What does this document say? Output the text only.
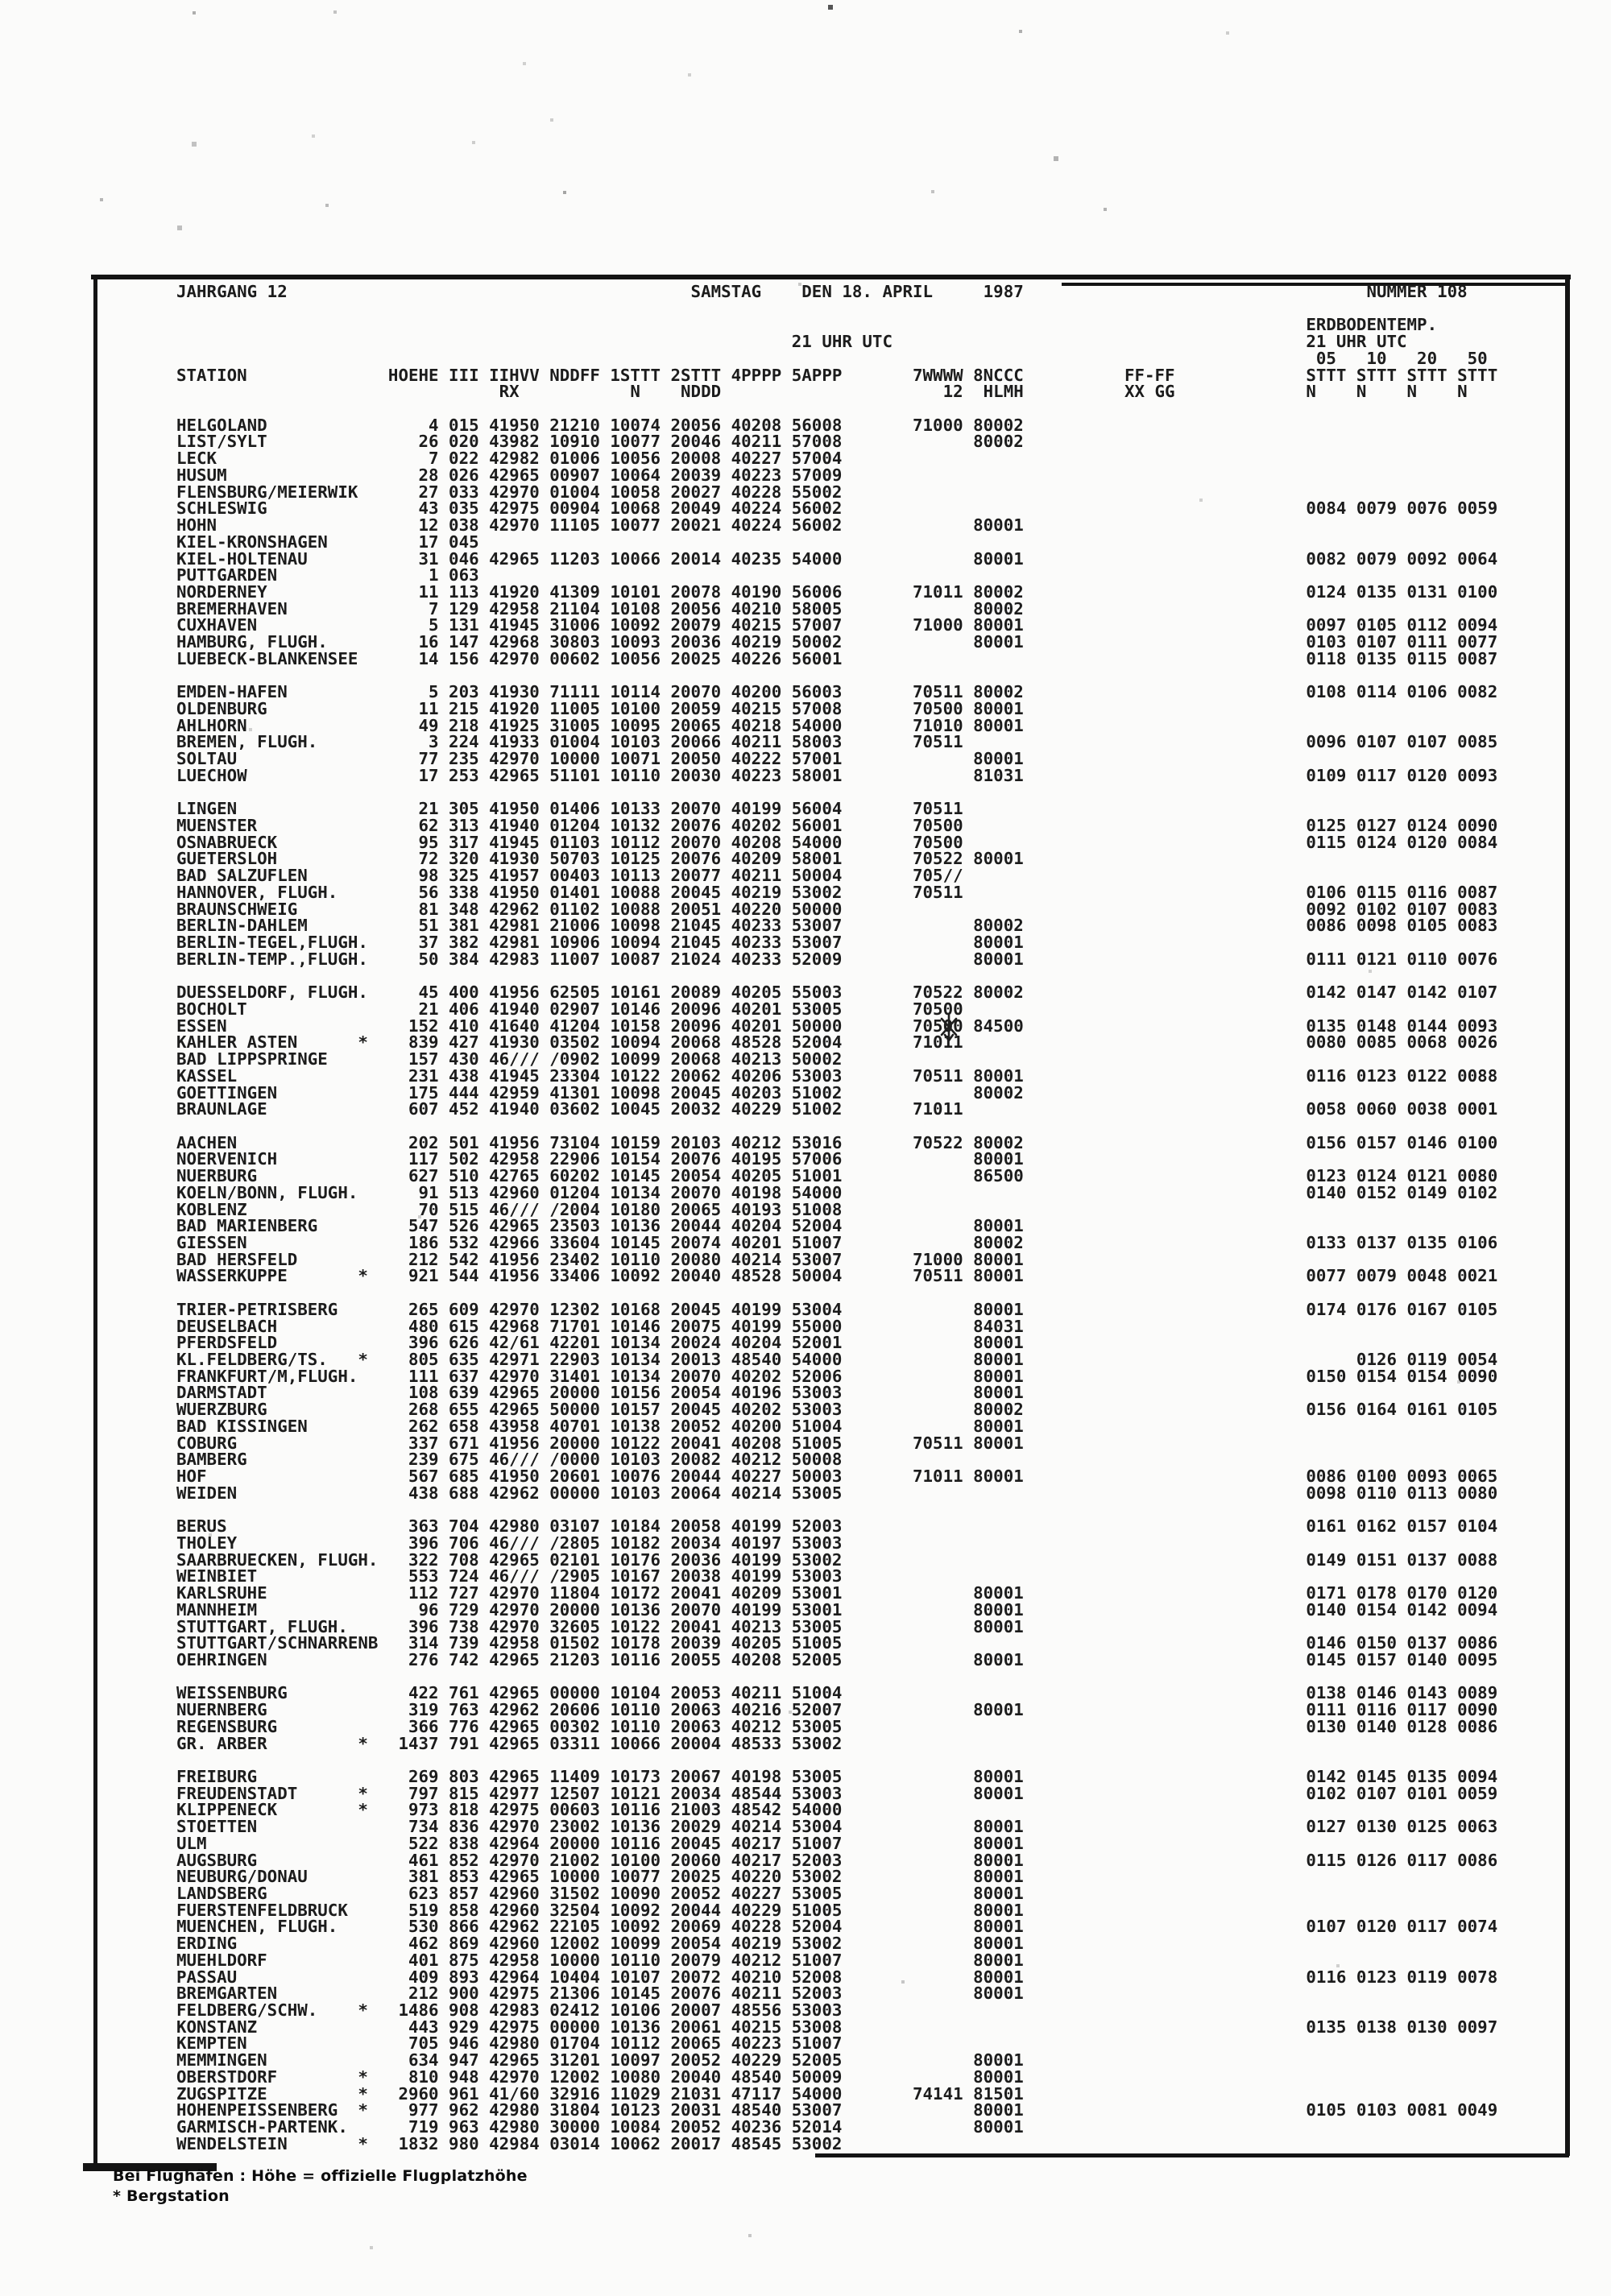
JAHRGANG 12                                        SAMSTAG    DEN 18. APRIL     1987                                  NUMMER 108

ERDBODENTEMP.
21 UHR UTC                                         21 UHR UTC
05   10   20   50
STATION              HOEHE III IIHVV NDDFF 1STTT 2STTT 4PPPP 5APPP       7WWWW 8NCCC          FF-FF             STTT STTT STTT STTT
RX           N    NDDD                      12  HLMH          XX GG             N    N    N    N

HELGOLAND                4 015 41950 21210 10074 20056 40208 56008       71000 80002
LIST/SYLT               26 020 43982 10910 10077 20046 40211 57008             80002
LECK                     7 022 42982 01006 10056 20008 40227 57004
HUSUM                   28 026 42965 00907 10064 20039 40223 57009
FLENSBURG/MEIERWIK      27 033 42970 01004 10058 20027 40228 55002
SCHLESWIG               43 035 42975 00904 10068 20049 40224 56002                                              0084 0079 0076 0059
HOHN                    12 038 42970 11105 10077 20021 40224 56002             80001
KIEL-KRONSHAGEN         17 045
KIEL-HOLTENAU           31 046 42965 11203 10066 20014 40235 54000             80001                            0082 0079 0092 0064
PUTTGARDEN               1 063
NORDERNEY               11 113 41920 41309 10101 20078 40190 56006       71011 80002                            0124 0135 0131 0100
BREMERHAVEN              7 129 42958 21104 10108 20056 40210 58005             80002
CUXHAVEN                 5 131 41945 31006 10092 20079 40215 57007       71000 80001                            0097 0105 0112 0094
HAMBURG, FLUGH.         16 147 42968 30803 10093 20036 40219 50002             80001                            0103 0107 0111 0077
LUEBECK-BLANKENSEE      14 156 42970 00602 10056 20025 40226 56001                                              0118 0135 0115 0087

EMDEN-HAFEN              5 203 41930 71111 10114 20070 40200 56003       70511 80002                            0108 0114 0106 0082
OLDENBURG               11 215 41920 11005 10100 20059 40215 57008       70500 80001
AHLHORN                 49 218 41925 31005 10095 20065 40218 54000       71010 80001
BREMEN, FLUGH.           3 224 41933 01004 10103 20066 40211 58003       70511                                  0096 0107 0107 0085
SOLTAU                  77 235 42970 10000 10071 20050 40222 57001             80001
LUECHOW                 17 253 42965 51101 10110 20030 40223 58001             81031                            0109 0117 0120 0093

LINGEN                  21 305 41950 01406 10133 20070 40199 56004       70511
MUENSTER                62 313 41940 01204 10132 20076 40202 56001       70500                                  0125 0127 0124 0090
OSNABRUECK              95 317 41945 01103 10112 20070 40208 54000       70500                                  0115 0124 0120 0084
GUETERSLOH              72 320 41930 50703 10125 20076 40209 58001       70522 80001
BAD SALZUFLEN           98 325 41957 00403 10113 20077 40211 50004       705//
HANNOVER, FLUGH.        56 338 41950 01401 10088 20045 40219 53002       70511                                  0106 0115 0116 0087
BRAUNSCHWEIG            81 348 42962 01102 10088 20051 40220 50000                                              0092 0102 0107 0083
BERLIN-DAHLEM           51 381 42981 21006 10098 21045 40233 53007             80002                            0086 0098 0105 0083
BERLIN-TEGEL,FLUGH.     37 382 42981 10906 10094 21045 40233 53007             80001
BERLIN-TEMP.,FLUGH.     50 384 42983 11007 10087 21024 40233 52009             80001                            0111 0121 0110 0076

DUESSELDORF, FLUGH.     45 400 41956 62505 10161 20089 40205 55003       70522 80002                            0142 0147 0142 0107
BOCHOLT                 21 406 41940 02907 10146 20096 40201 53005       70500
ESSEN                  152 410 41640 41204 10158 20096 40201 50000       70500 84500                            0135 0148 0144 0093
KAHLER ASTEN      *    839 427 41930 03502 10094 20068 48528 52004       71011                                  0080 0085 0068 0026
BAD LIPPSPRINGE        157 430 46/// /0902 10099 20068 40213 50002
KASSEL                 231 438 41945 23304 10122 20062 40206 53003       70511 80001                            0116 0123 0122 0088
GOETTINGEN             175 444 42959 41301 10098 20045 40203 51002             80002
BRAUNLAGE              607 452 41940 03602 10045 20032 40229 51002       71011                                  0058 0060 0038 0001

AACHEN                 202 501 41956 73104 10159 20103 40212 53016       70522 80002                            0156 0157 0146 0100
NOERVENICH             117 502 42958 22906 10154 20076 40195 57006             80001
NUERBURG               627 510 42765 60202 10145 20054 40205 51001             86500                            0123 0124 0121 0080
KOELN/BONN, FLUGH.      91 513 42960 01204 10134 20070 40198 54000                                              0140 0152 0149 0102
KOBLENZ                 70 515 46/// /2004 10180 20065 40193 51008
BAD MARIENBERG         547 526 42965 23503 10136 20044 40204 52004             80001
GIESSEN                186 532 42966 33604 10145 20074 40201 51007             80002                            0133 0137 0135 0106
BAD HERSFELD           212 542 41956 23402 10110 20080 40214 53007       71000 80001
WASSERKUPPE       *    921 544 41956 33406 10092 20040 48528 50004       70511 80001                            0077 0079 0048 0021

TRIER-PETRISBERG       265 609 42970 12302 10168 20045 40199 53004             80001                            0174 0176 0167 0105
DEUSELBACH             480 615 42968 71701 10146 20075 40199 55000             84031
PFERDSFELD             396 626 42/61 42201 10134 20024 40204 52001             80001
KL.FELDBERG/TS.   *    805 635 42971 22903 10134 20013 48540 54000             80001                                 0126 0119 0054
FRANKFURT/M,FLUGH.     111 637 42970 31401 10134 20070 40202 52006             80001                            0150 0154 0154 0090
DARMSTADT              108 639 42965 20000 10156 20054 40196 53003             80001
WUERZBURG              268 655 42965 50000 10157 20045 40202 53003             80002                            0156 0164 0161 0105
BAD KISSINGEN          262 658 43958 40701 10138 20052 40200 51004             80001
COBURG                 337 671 41956 20000 10122 20041 40208 51005       70511 80001
BAMBERG                239 675 46/// /0000 10103 20082 40212 50008
HOF                    567 685 41950 20601 10076 20044 40227 50003       71011 80001                            0086 0100 0093 0065
WEIDEN                 438 688 42962 00000 10103 20064 40214 53005                                              0098 0110 0113 0080

BERUS                  363 704 42980 03107 10184 20058 40199 52003                                              0161 0162 0157 0104
THOLEY                 396 706 46/// /2805 10182 20034 40197 53003
SAARBRUECKEN, FLUGH.   322 708 42965 02101 10176 20036 40199 53002                                              0149 0151 0137 0088
WEINBIET               553 724 46/// /2905 10167 20038 40199 53003
KARLSRUHE              112 727 42970 11804 10172 20041 40209 53001             80001                            0171 0178 0170 0120
MANNHEIM                96 729 42970 20000 10136 20070 40199 53001             80001                            0140 0154 0142 0094
STUTTGART, FLUGH.      396 738 42970 32605 10122 20041 40213 53005             80001
STUTTGART/SCHNARRENB   314 739 42958 01502 10178 20039 40205 51005                                              0146 0150 0137 0086
OEHRINGEN              276 742 42965 21203 10116 20055 40208 52005             80001                            0145 0157 0140 0095

WEISSENBURG            422 761 42965 00000 10104 20053 40211 51004                                              0138 0146 0143 0089
NUERNBERG              319 763 42962 20606 10110 20063 40216 52007             80001                            0111 0116 0117 0090
REGENSBURG             366 776 42965 00302 10110 20063 40212 53005                                              0130 0140 0128 0086
GR. ARBER         *   1437 791 42965 03311 10066 20004 48533 53002

FREIBURG               269 803 42965 11409 10173 20067 40198 53005             80001                            0142 0145 0135 0094
FREUDENSTADT      *    797 815 42977 12507 10121 20034 48544 53003             80001                            0102 0107 0101 0059
KLIPPENECK        *    973 818 42975 00603 10116 21003 48542 54000
STOETTEN               734 836 42970 23002 10136 20029 40214 53004             80001                            0127 0130 0125 0063
ULM                    522 838 42964 20000 10116 20045 40217 51007             80001
AUGSBURG               461 852 42970 21002 10100 20060 40217 52003             80001                            0115 0126 0117 0086
NEUBURG/DONAU          381 853 42965 10000 10077 20025 40220 53002             80001
LANDSBERG              623 857 42960 31502 10090 20052 40227 53005             80001
FUERSTENFELDBRUCK      519 858 42960 32504 10092 20044 40229 51005             80001
MUENCHEN, FLUGH.       530 866 42962 22105 10092 20069 40228 52004             80001                            0107 0120 0117 0074
ERDING                 462 869 42960 12002 10099 20054 40219 53002             80001
MUEHLDORF              401 875 42958 10000 10110 20079 40212 51007             80001
PASSAU                 409 893 42964 10404 10107 20072 40210 52008             80001                            0116 0123 0119 0078
BREMGARTEN             212 900 42975 21306 10145 20076 40211 52003             80001
FELDBERG/SCHW.    *   1486 908 42983 02412 10106 20007 48556 53003
KONSTANZ               443 929 42975 00000 10136 20061 40215 53008                                              0135 0138 0130 0097
KEMPTEN                705 946 42980 01704 10112 20065 40223 51007
MEMMINGEN              634 947 42965 31201 10097 20052 40229 52005             80001
OBERSTDORF        *    810 948 42970 12002 10080 20040 48540 50009             80001
ZUGSPITZE         *   2960 961 41/60 32916 11029 21031 47117 54000       74141 81501
HOHENPEISSENBERG  *    977 962 42980 31804 10123 20031 48540 53007             80001                            0105 0103 0081 0049
GARMISCH-PARTENK.      719 963 42980 30000 10084 20052 40236 52014             80001
WENDELSTEIN       *   1832 980 42984 03014 10062 20017 48545 53002
Bei Flughäfen : Höhe = offizielle Flugplatzhöhe
* Bergstation
